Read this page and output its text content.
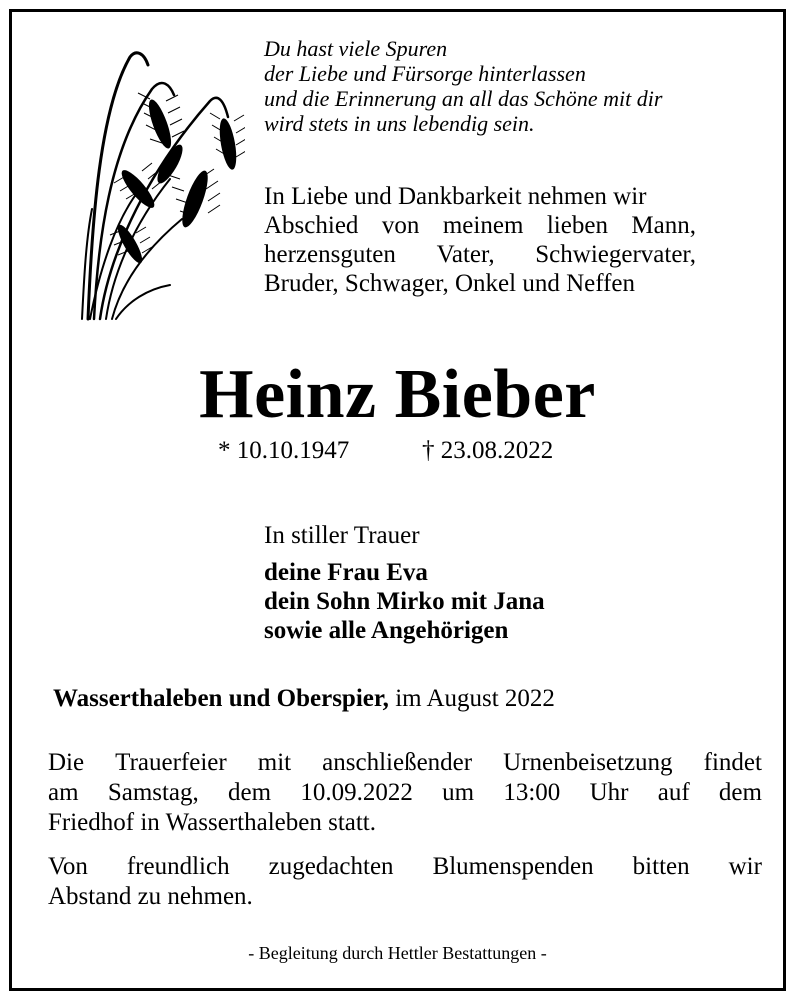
Du hast viele Spuren
der Liebe und Fürsorge hinterlassen
und die Erinnerung an all das Schöne mit dir
wird stets in uns lebendig sein.
In Liebe und Dankbarkeit nehmen wir
Abschied von meinem lieben Mann,
herzensguten Vater, Schwiegervater,
Bruder, Schwager, Onkel und Neffen
Heinz Bieber
* 10.10.1947	† 23.08.2022
In stiller Trauer
deine Frau Eva
dein Sohn Mirko mit Jana
sowie alle Angehörigen
Wasserthaleben und Oberspier, im August 2022
Die Trauerfeier mit anschließender Urnenbeisetzung findet
am Samstag, dem 10.09.2022 um 13:00 Uhr auf dem
Friedhof in Wasserthaleben statt.
Von freundlich zugedachten Blumenspenden bitten wir
Abstand zu nehmen.
- Begleitung durch Hettler Bestattungen -
